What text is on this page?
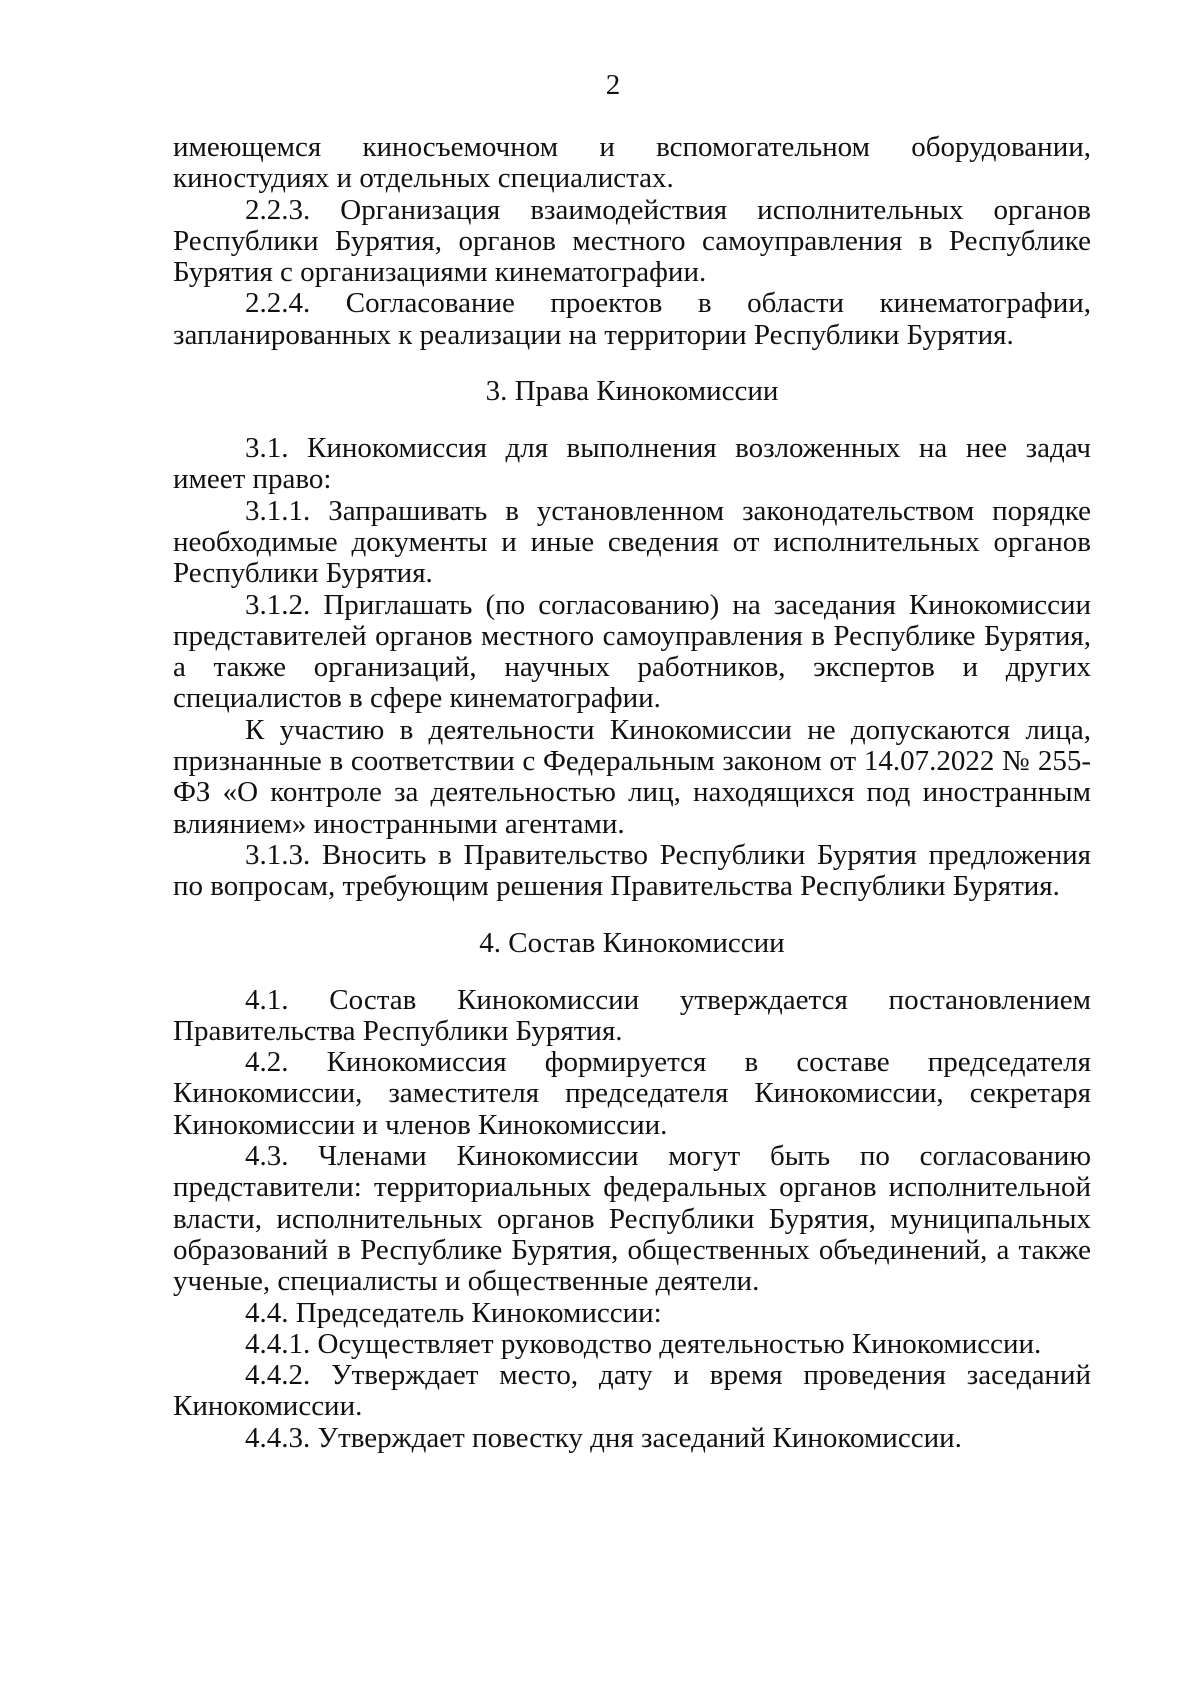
2

имеющемся киносъемочном и вспомогательном оборудовании, киностудиях и отдельных специалистах.

2.2.3. Организация взаимодействия исполнительных органов Республики Бурятия, органов местного самоуправления в Республике Бурятия с организациями кинематографии.

2.2.4. Согласование проектов в области кинематографии, запланированных к реализации на территории Республики Бурятия.

3. Права Кинокомиссии

3.1. Кинокомиссия для выполнения возложенных на нее задач имеет право:

3.1.1. Запрашивать в установленном законодательством порядке необходимые документы и иные сведения от исполнительных органов Республики Бурятия.

3.1.2. Приглашать (по согласованию) на заседания Кинокомиссии представителей органов местного самоуправления в Республике Бурятия, а также организаций, научных работников, экспертов и других специалистов в сфере кинематографии.

К участию в деятельности Кинокомиссии не допускаются лица, признанные в соответствии с Федеральным законом от 14.07.2022 № 255-ФЗ «О контроле за деятельностью лиц, находящихся под иностранным влиянием» иностранными агентами.

3.1.3. Вносить в Правительство Республики Бурятия предложения по вопросам, требующим решения Правительства Республики Бурятия.

4. Состав Кинокомиссии

4.1. Состав Кинокомиссии утверждается постановлением Правительства Республики Бурятия.

4.2. Кинокомиссия формируется в составе председателя Кинокомиссии, заместителя председателя Кинокомиссии, секретаря Кинокомиссии и членов Кинокомиссии.

4.3. Членами Кинокомиссии могут быть по согласованию представители: территориальных федеральных органов исполнительной власти, исполнительных органов Республики Бурятия, муниципальных образований в Республике Бурятия, общественных объединений, а также ученые, специалисты и общественные деятели.

4.4. Председатель Кинокомиссии:

4.4.1. Осуществляет руководство деятельностью Кинокомиссии.

4.4.2. Утверждает место, дату и время проведения заседаний Кинокомиссии.

4.4.3. Утверждает повестку дня заседаний Кинокомиссии.
